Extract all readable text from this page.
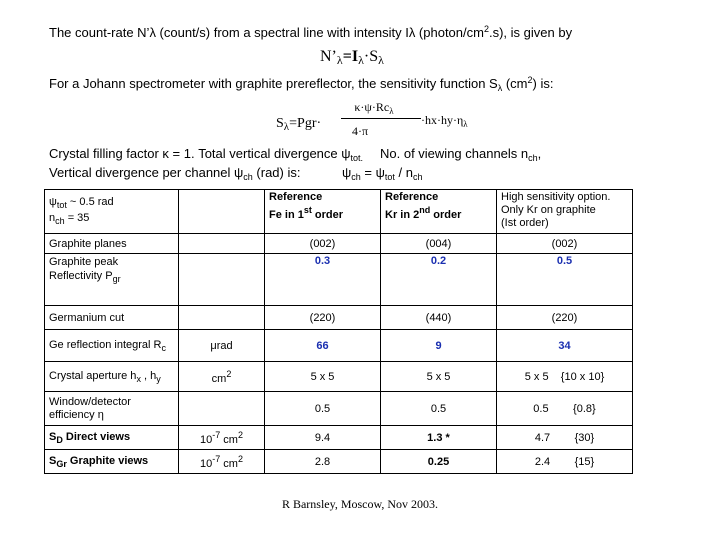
The count-rate N’λ (count/s) from a spectral line with intensity Iλ $(photon/cm^2.s)$, is given by
$N’_\lambda=I_\lambda\cdot S_\lambda$
For a Johann spectrometer with graphite prereflector, the sensitivity function $S_\lambda$ $(cm^2)$ is:
$S_\lambda=Pgr\cdot$
$\kappa\cdot\psi\cdot Rc_\lambda$
4·π
$\cdot hx\cdot hy\cdot\eta_\lambda$
Crystal filling factor κ = 1. Total vertical divergence $\psi_{tot.}$ No. of viewing channels $n_{ch}$,
Vertical divergence per channel $\psi_{ch}$ (rad) is:	$\psi_{ch} = \psi_{tot} / n_{ch}$
$\psi_{tot}$ ~ 0.5 rad
$n_{ch} = 35$		Reference
Fe in 1st order	Reference
Kr in 2nd order	High sensitivity option.
Only Kr on graphite
(Ist order)
Graphite planes		(002)	(004)	(002)
Graphite peak
Reflectivity $P_{gr}$		0.3	0.2	0.5
Germanium cut		(220)	(440)	(220)
Ge reflection integral $R_c$	μrad	66	9	34
Crystal aperture $h_x$ , $h_y$	$cm^2$	5 x 5	5 x 5	5 x 5    {10 x 10}
Window/detector
efficiency η		0.5	0.5	0.5        {0.8}
$S_D$ Direct views	$10^{-7}$ $cm^2$	9.4	1.3 *	4.7        {30}
$S_{Gr}$ Graphite views	$10^{-7}$ $cm^2$	2.8	0.25	2.4        {15}
R Barnsley, Moscow, Nov 2003.
